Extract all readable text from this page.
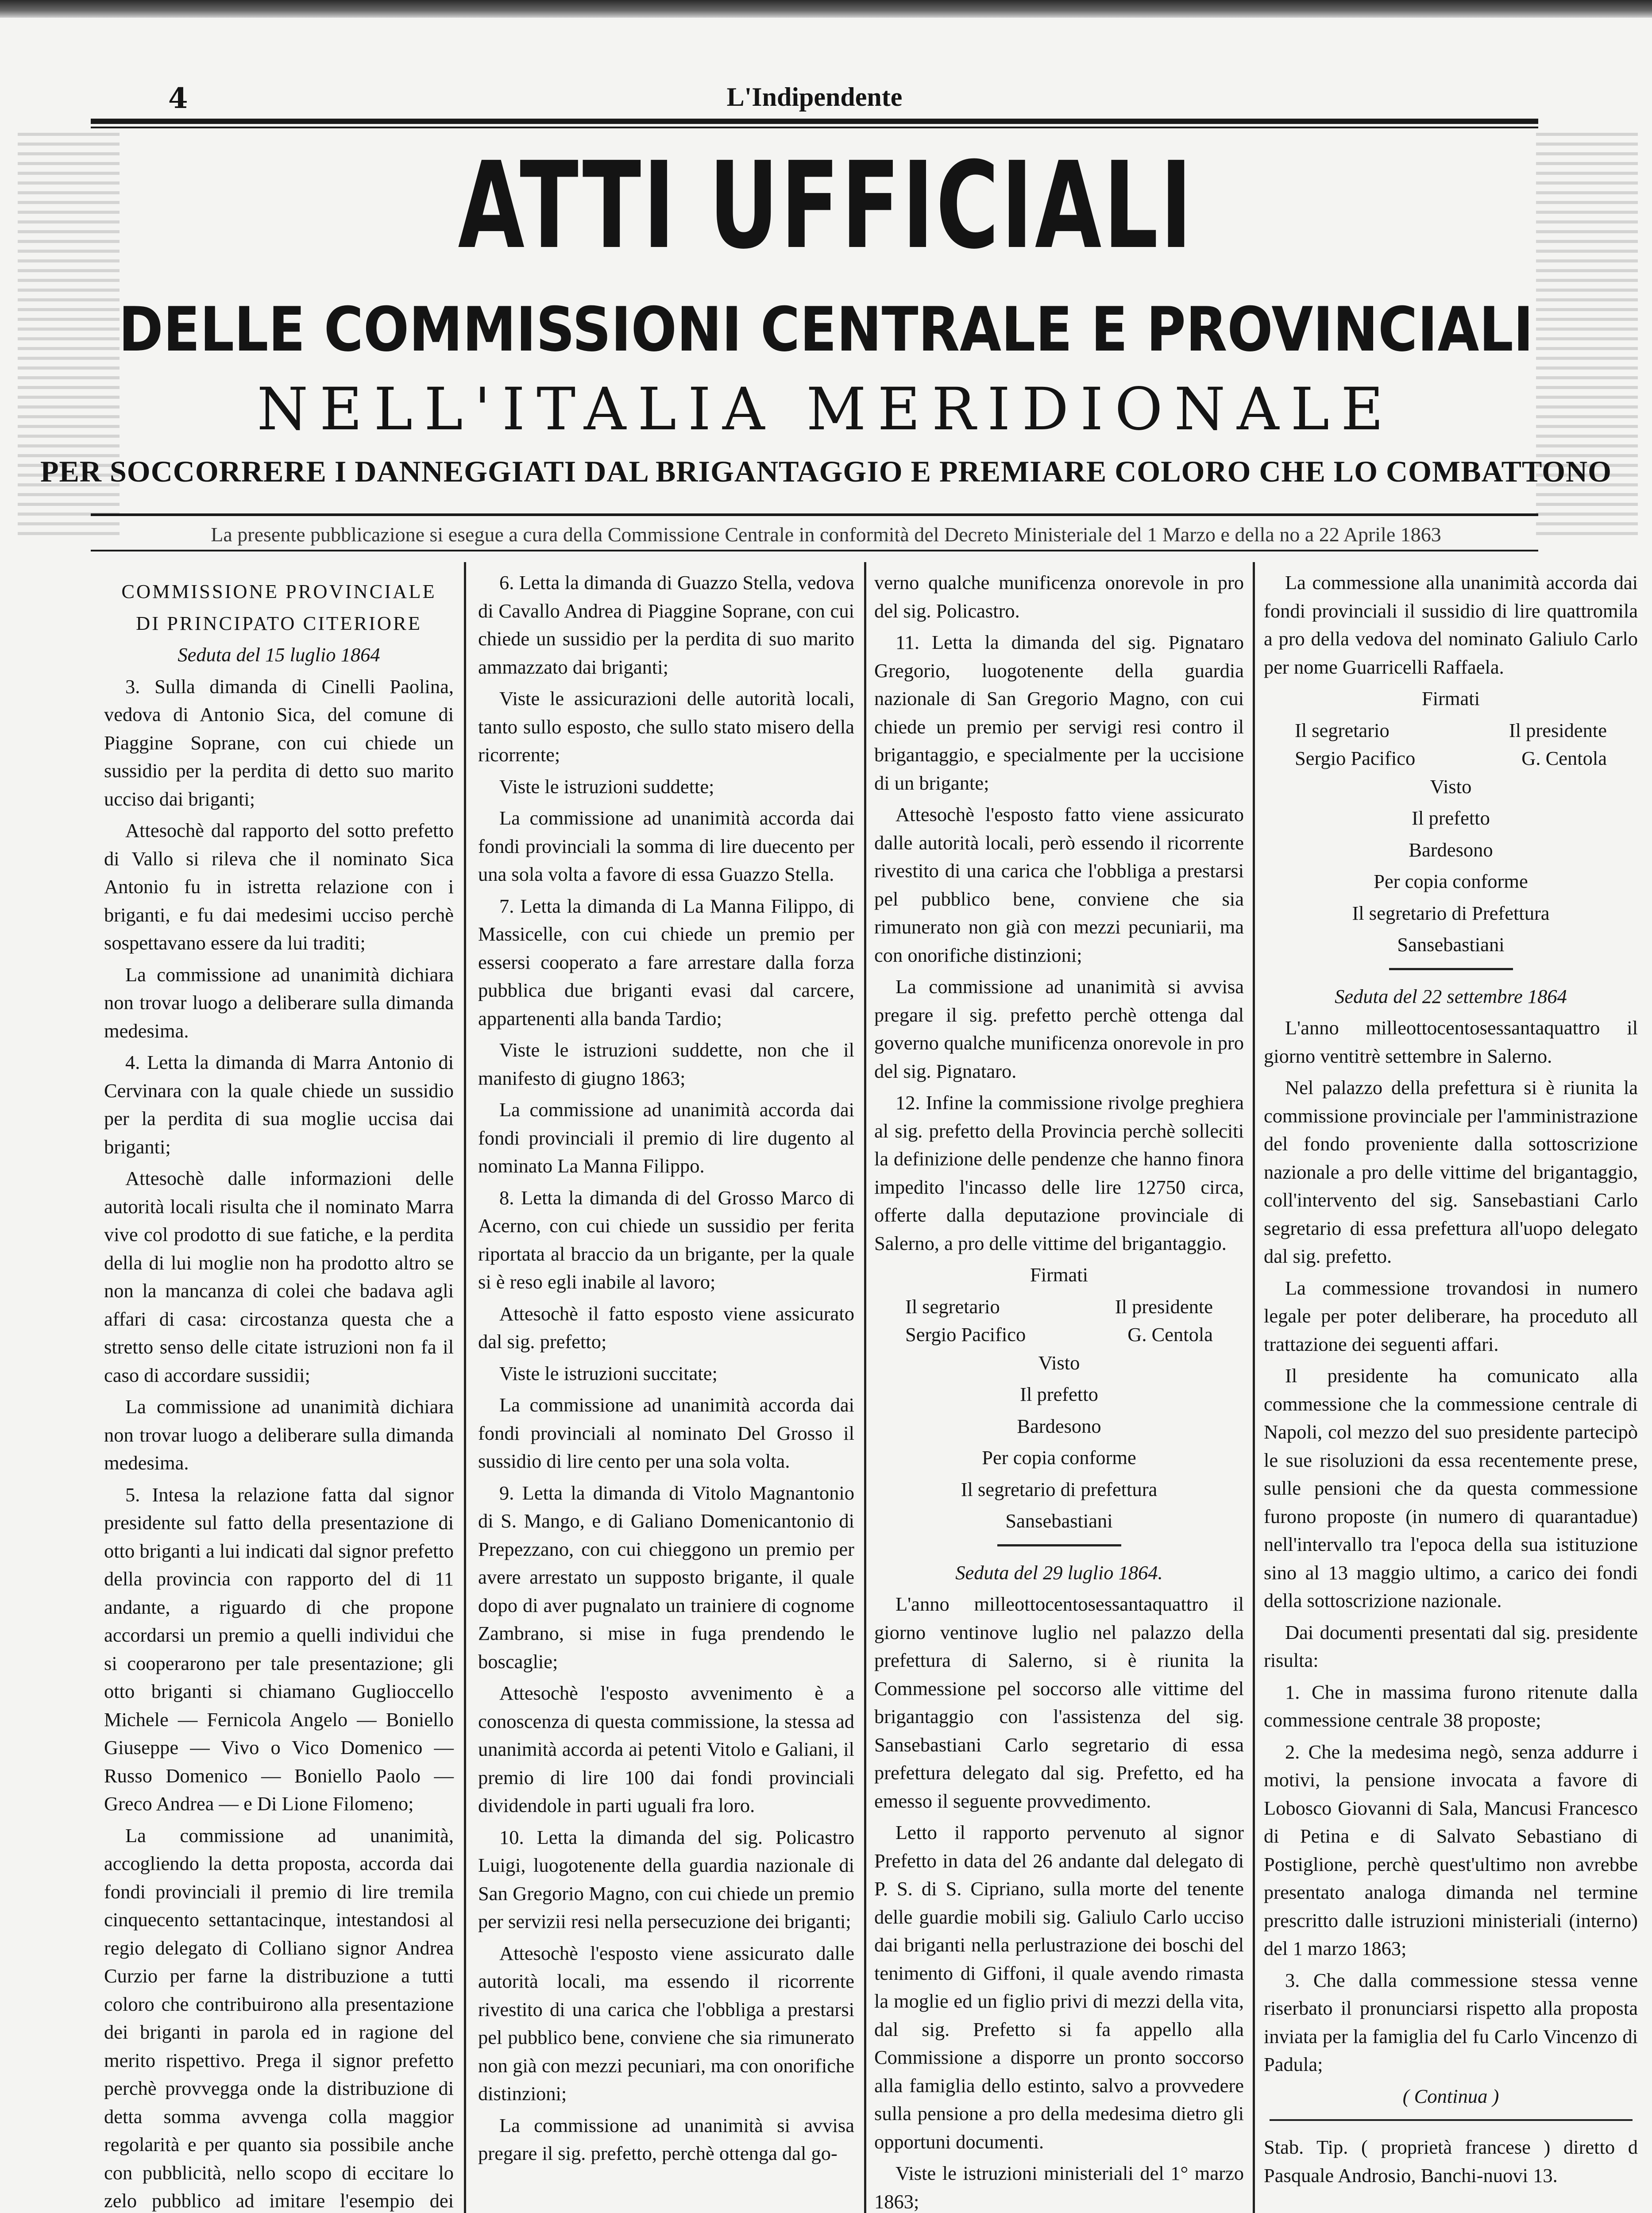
4	L'Indipendente
ATTI UFFICIALI
DELLE COMMISSIONI CENTRALE E PROVINCIALI
NELL'ITALIA MERIDIONALE
PER SOCCORRERE I DANNEGGIATI DAL BRIGANTAGGIO E PREMIARE COLORO CHE LO COMBATTONO
La presente pubblicazione si esegue a cura della Commissione Centrale in conformità del Decreto Ministeriale del 1 Marzo e della no a 22 Aprile 1863

COMMISSIONE PROVINCIALE

DI PRINCIPATO CITERIORE

Seduta del 15 luglio 1864

3. Sulla dimanda di Cinelli Paolina, vedova di Antonio Sica, del comune di Piaggine Soprane, con cui chiede un sussidio per la perdita di detto suo marito ucciso dai briganti;

Attesochè dal rapporto del sotto prefetto di Vallo si rileva che il nominato Sica Antonio fu in istretta relazione con i briganti, e fu dai medesimi ucciso perchè sospettavano essere da lui traditi;

La commissione ad unanimità dichiara non trovar luogo a deliberare sulla dimanda medesima.

4. Letta la dimanda di Marra Antonio di Cervinara con la quale chiede un sussidio per la perdita di sua moglie uccisa dai briganti;

Attesochè dalle informazioni delle autorità locali risulta che il nominato Marra vive col prodotto di sue fatiche, e la perdita della di lui moglie non ha prodotto altro se non la mancanza di colei che badava agli affari di casa: circostanza questa che a stretto senso delle citate istruzioni non fa il caso di accordare sussidii;

La commissione ad unanimità dichiara non trovar luogo a deliberare sulla dimanda medesima.

5. Intesa la relazione fatta dal signor presidente sul fatto della presentazione di otto briganti a lui indicati dal signor prefetto della provincia con rapporto del di 11 andante, a riguardo di che propone accordarsi un premio a quelli individui che si cooperarono per tale presentazione; gli otto briganti si chiamano Guglioccello Michele — Fernicola Angelo — Boniello Giuseppe — Vivo o Vico Domenico — Russo Domenico — Boniello Paolo — Greco Andrea — e Di Lione Filomeno;

La commissione ad unanimità, accogliendo la detta proposta, accorda dai fondi provinciali il premio di lire tremila cinquecento settantacinque, intestandosi al regio delegato di Colliano signor Andrea Curzio per farne la distribuzione a tutti coloro che contribuirono alla presentazione dei briganti in parola ed in ragione del merito rispettivo. Prega il signor prefetto perchè provvegga onde la distribuzione di detta somma avvenga colla maggior regolarità e per quanto sia possibile anche con pubblicità, nello scopo di eccitare lo zelo pubblico ad imitare l'esempio dei

6. Letta la dimanda di Guazzo Stella, vedova di Cavallo Andrea di Piaggine Soprane, con cui chiede un sussidio per la perdita di suo marito ammazzato dai briganti;

Viste le assicurazioni delle autorità locali, tanto sullo esposto, che sullo stato misero della ricorrente;

Viste le istruzioni suddette;

La commissione ad unanimità accorda dai fondi provinciali la somma di lire duecento per una sola volta a favore di essa Guazzo Stella.

7. Letta la dimanda di La Manna Filippo, di Massicelle, con cui chiede un premio per essersi cooperato a fare arrestare dalla forza pubblica due briganti evasi dal carcere, appartenenti alla banda Tardio;

Viste le istruzioni suddette, non che il manifesto di giugno 1863;

La commissione ad unanimità accorda dai fondi provinciali il premio di lire dugento al nominato La Manna Filippo.

8. Letta la dimanda di del Grosso Marco di Acerno, con cui chiede un sussidio per ferita riportata al braccio da un brigante, per la quale si è reso egli inabile al lavoro;

Attesochè il fatto esposto viene assicurato dal sig. prefetto;

Viste le istruzioni succitate;

La commissione ad unanimità accorda dai fondi provinciali al nominato Del Grosso il sussidio di lire cento per una sola volta.

9. Letta la dimanda di Vitolo Magnantonio di S. Mango, e di Galiano Domenicantonio di Prepezzano, con cui chieggono un premio per avere arrestato un supposto brigante, il quale dopo di aver pugnalato un trainiere di cognome Zambrano, si mise in fuga prendendo le boscaglie;

Attesochè l'esposto avvenimento è a conoscenza di questa commissione, la stessa ad unanimità accorda ai petenti Vitolo e Galiani, il premio di lire 100 dai fondi provinciali dividendole in parti uguali fra loro.

10. Letta la dimanda del sig. Policastro Luigi, luogotenente della guardia nazionale di San Gregorio Magno, con cui chiede un premio per servizii resi nella persecuzione dei briganti;

Attesochè l'esposto viene assicurato dalle autorità locali, ma essendo il ricorrente rivestito di una carica che l'obbliga a prestarsi pel pubblico bene, conviene che sia rimunerato non già con mezzi pecuniari, ma con onorifiche distinzioni;

La commissione ad unanimità si avvisa pregare il sig. prefetto, perchè ottenga dal go-

verno qualche munificenza onorevole in pro del sig. Policastro.

11. Letta la dimanda del sig. Pignataro Gregorio, luogotenente della guardia nazionale di San Gregorio Magno, con cui chiede un premio per servigi resi contro il brigantaggio, e specialmente per la uccisione di un brigante;

Attesochè l'esposto fatto viene assicurato dalle autorità locali, però essendo il ricorrente rivestito di una carica che l'obbliga a prestarsi pel pubblico bene, conviene che sia rimunerato non già con mezzi pecuniarii, ma con onorifiche distinzioni;

La commissione ad unanimità si avvisa pregare il sig. prefetto perchè ottenga dal governo qualche munificenza onorevole in pro del sig. Pignataro.

12. Infine la commissione rivolge preghiera al sig. prefetto della Provincia perchè solleciti la definizione delle pendenze che hanno finora impedito l'incasso delle lire 12750 circa, offerte dalla deputazione provinciale di Salerno, a pro delle vittime del brigantaggio.

Firmati

Il segretario	Il presidente
Sergio Pacifico	G. Centola

Visto

Il prefetto

Bardesono

Per copia conforme

Il segretario di prefettura

Sansebastiani

Seduta del 29 luglio 1864.

L'anno milleottocentosessantaquattro il giorno ventinove luglio nel palazzo della prefettura di Salerno, si è riunita la Commessione pel soccorso alle vittime del brigantaggio con l'assistenza del sig. Sansebastiani Carlo segretario di essa prefettura delegato dal sig. Prefetto, ed ha emesso il seguente provvedimento.

Letto il rapporto pervenuto al signor Prefetto in data del 26 andante dal delegato di P. S. di S. Cipriano, sulla morte del tenente delle guardie mobili sig. Galiulo Carlo ucciso dai briganti nella perlustrazione dei boschi del tenimento di Giffoni, il quale avendo rimasta la moglie ed un figlio privi di mezzi della vita, dal sig. Prefetto si fa appello alla Commissione a disporre un pronto soccorso alla famiglia dello estinto, salvo a provvedere sulla pensione a pro della medesima dietro gli opportuni documenti.

Viste le istruzioni ministeriali del 1° marzo 1863;

La commessione alla unanimità accorda dai fondi provinciali il sussidio di lire quattromila a pro della vedova del nominato Galiulo Carlo per nome Guarricelli Raffaela.

Firmati

Il segretario	Il presidente
Sergio Pacifico	G. Centola

Visto

Il prefetto

Bardesono

Per copia conforme

Il segretario di Prefettura

Sansebastiani

Seduta del 22 settembre 1864

L'anno milleottocentosessantaquattro il giorno ventitrè settembre in Salerno.

Nel palazzo della prefettura si è riunita la commissione provinciale per l'amministrazione del fondo proveniente dalla sottoscrizione nazionale a pro delle vittime del brigantaggio, coll'intervento del sig. Sansebastiani Carlo segretario di essa prefettura all'uopo delegato dal sig. prefetto.

La commessione trovandosi in numero legale per poter deliberare, ha proceduto all trattazione dei seguenti affari.

Il presidente ha comunicato alla commessione che la commessione centrale di Napoli, col mezzo del suo presidente partecipò le sue risoluzioni da essa recentemente prese, sulle pensioni che da questa commessione furono proposte (in numero di quarantadue) nell'intervallo tra l'epoca della sua istituzione sino al 13 maggio ultimo, a carico dei fondi della sottoscrizione nazionale.

Dai documenti presentati dal sig. presidente risulta:

1. Che in massima furono ritenute dalla commessione centrale 38 proposte;

2. Che la medesima negò, senza addurre i motivi, la pensione invocata a favore di Lobosco Giovanni di Sala, Mancusi Francesco di Petina e di Salvato Sebastiano di Postiglione, perchè quest'ultimo non avrebbe presentato analoga dimanda nel termine prescritto dalle istruzioni ministeriali (interno) del 1 marzo 1863;

3. Che dalla commessione stessa venne riserbato il pronunciarsi rispetto alla proposta inviata per la famiglia del fu Carlo Vincenzo di Padula;

( Continua )

Stab. Tip. ( proprietà francese ) diretto d Pasquale Androsio, Banchi-nuovi 13.
